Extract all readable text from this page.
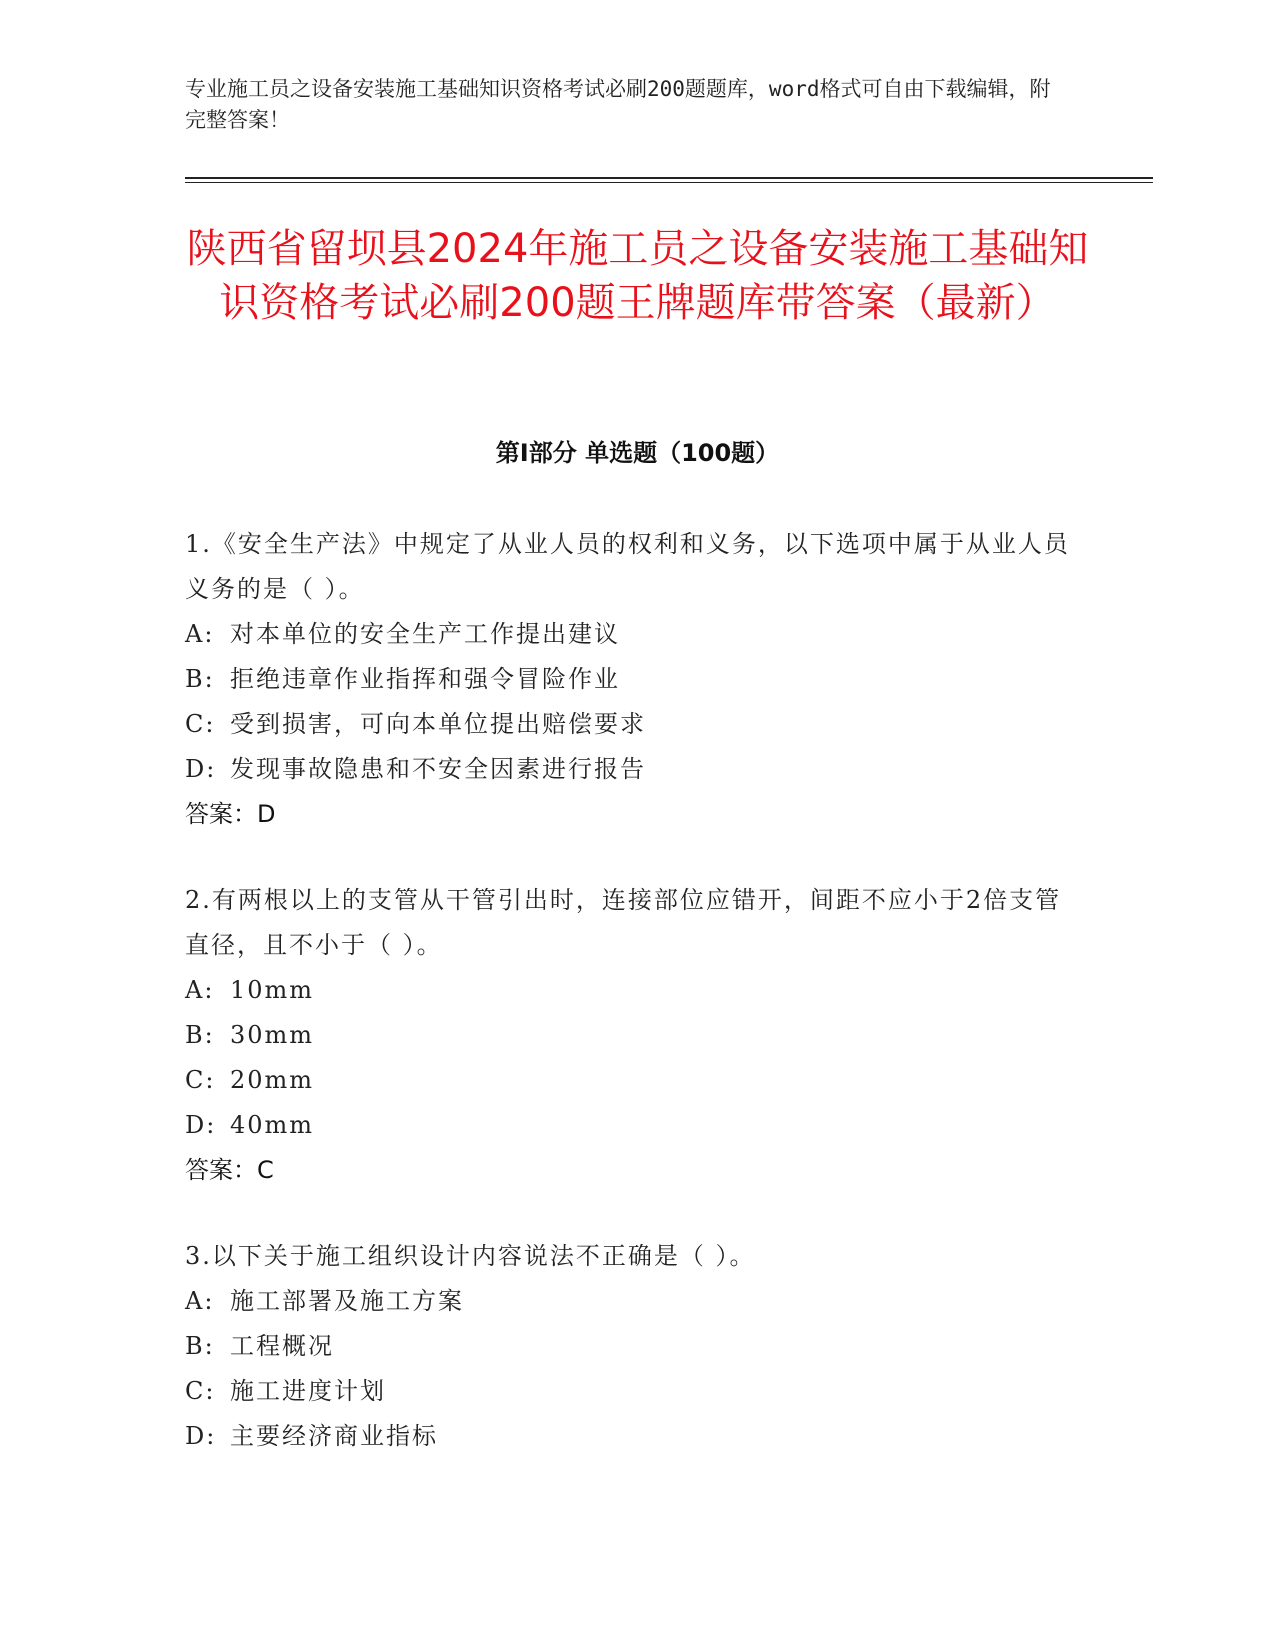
专业施工员之设备安装施工基础知识资格考试必刷200题题库，word格式可自由下载编辑，附完整答案！
陕西省留坝县2024年施工员之设备安装施工基础知识资格考试必刷200题王牌题库带答案（最新）
第Ⅰ部分 单选题（100题）
1.《安全生产法》中规定了从业人员的权利和义务，以下选项中属于从业人员义务的是（ ）。
A: 对本单位的安全生产工作提出建议
B: 拒绝违章作业指挥和强令冒险作业
C: 受到损害，可向本单位提出赔偿要求
D: 发现事故隐患和不安全因素进行报告
答案：D
2.有两根以上的支管从干管引出时，连接部位应错开，间距不应小于2倍支管直径，且不小于（ ）。
A: 10mm
B: 30mm
C: 20mm
D: 40mm
答案：C
3.以下关于施工组织设计内容说法不正确是（ ）。
A: 施工部署及施工方案
B: 工程概况
C: 施工进度计划
D: 主要经济商业指标
